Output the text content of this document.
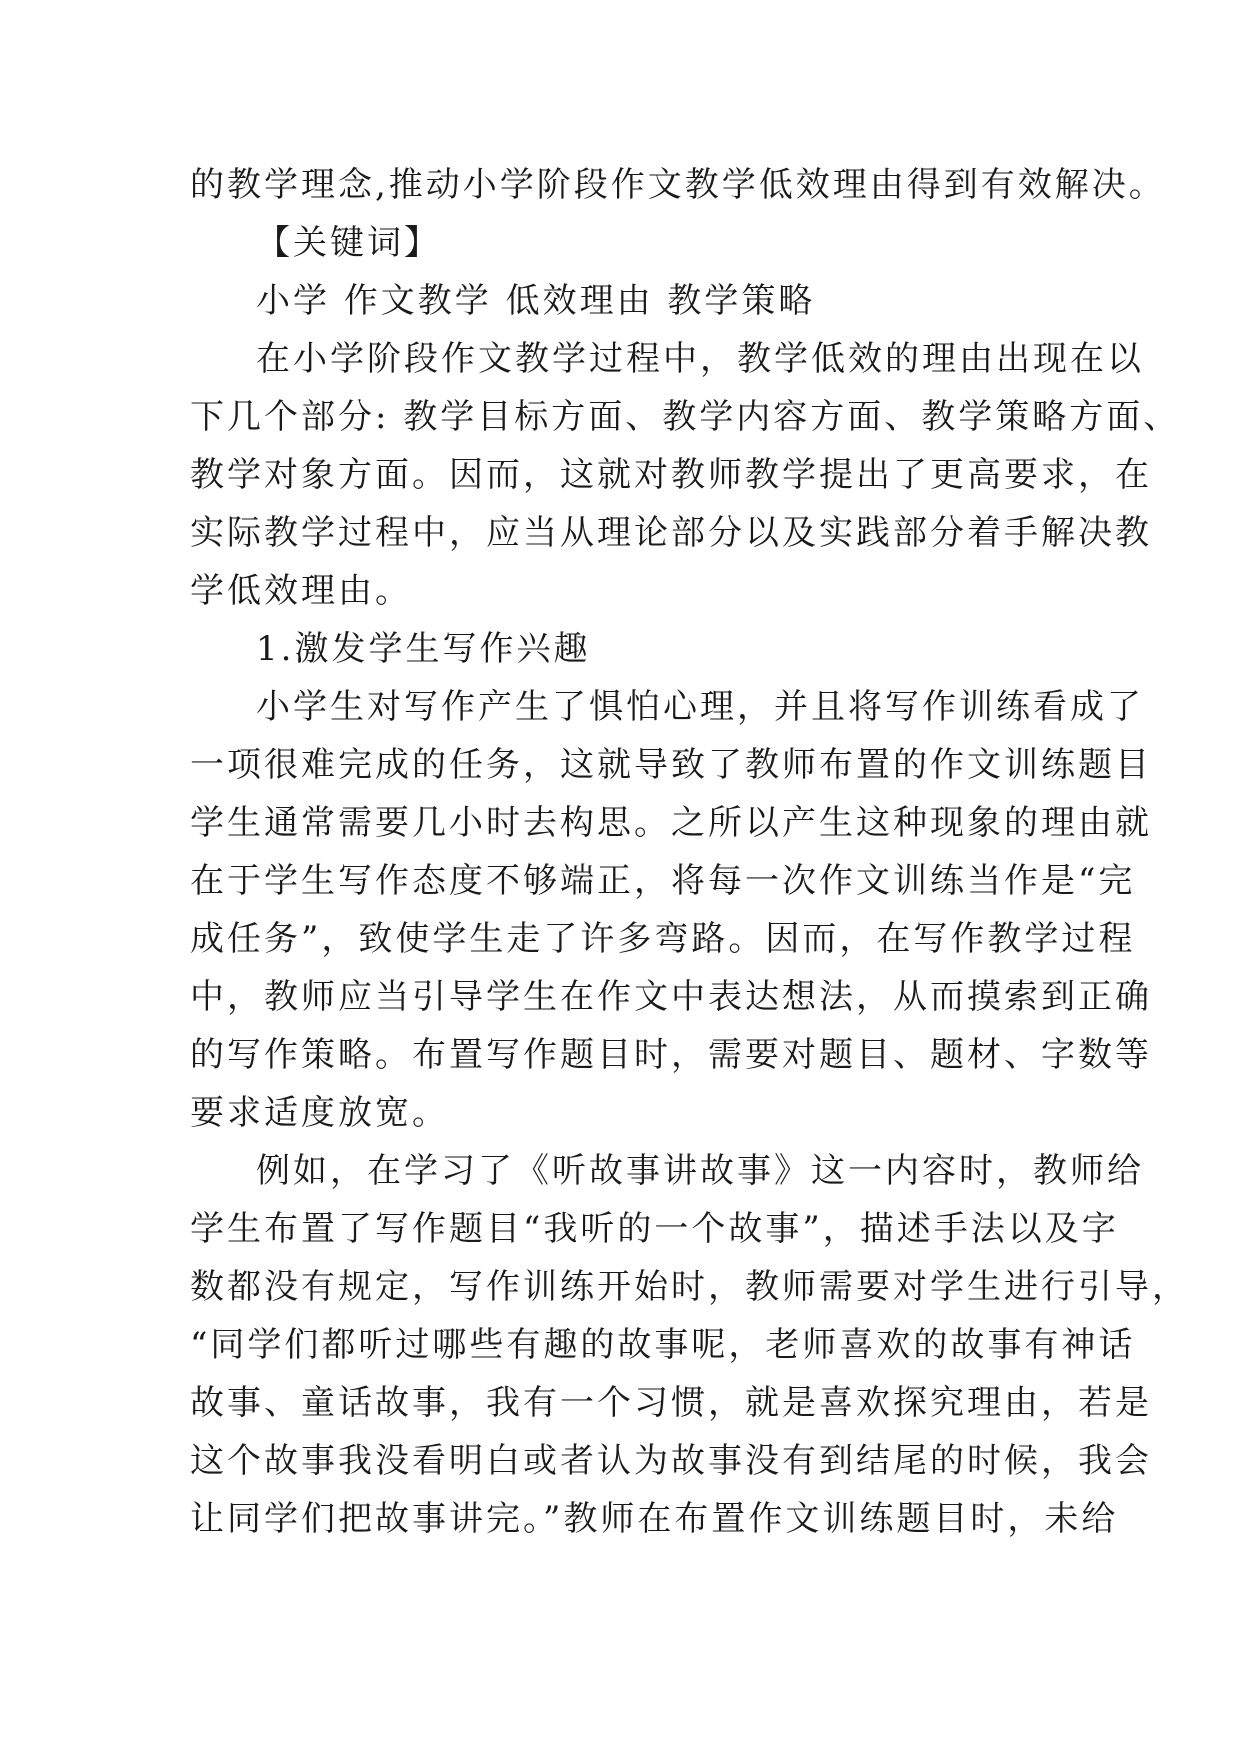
的教学理念,推动小学阶段作文教学低效理由得到有效解决。
【关键词】
小学 作文教学 低效理由 教学策略
在小学阶段作文教学过程中，教学低效的理由出现在以
下几个部分: 教学目标方面、教学内容方面、教学策略方面、
教学对象方面。因而，这就对教师教学提出了更高要求，在
实际教学过程中，应当从理论部分以及实践部分着手解决教
学低效理由。
1.激发学生写作兴趣
小学生对写作产生了惧怕心理，并且将写作训练看成了
一项很难完成的任务，这就导致了教师布置的作文训练题目
学生通常需要几小时去构思。之所以产生这种现象的理由就
在于学生写作态度不够端正，将每一次作文训练当作是“完
成任务”，致使学生走了许多弯路。因而，在写作教学过程
中，教师应当引导学生在作文中表达想法，从而摸索到正确
的写作策略。布置写作题目时，需要对题目、题材、字数等
要求适度放宽。
例如，在学习了《听故事讲故事》这一内容时，教师给
学生布置了写作题目“我听的一个故事”，描述手法以及字
数都没有规定，写作训练开始时，教师需要对学生进行引导，
“同学们都听过哪些有趣的故事呢，老师喜欢的故事有神话
故事、童话故事，我有一个习惯，就是喜欢探究理由，若是
这个故事我没看明白或者认为故事没有到结尾的时候，我会
让同学们把故事讲完。”教师在布置作文训练题目时，未给
